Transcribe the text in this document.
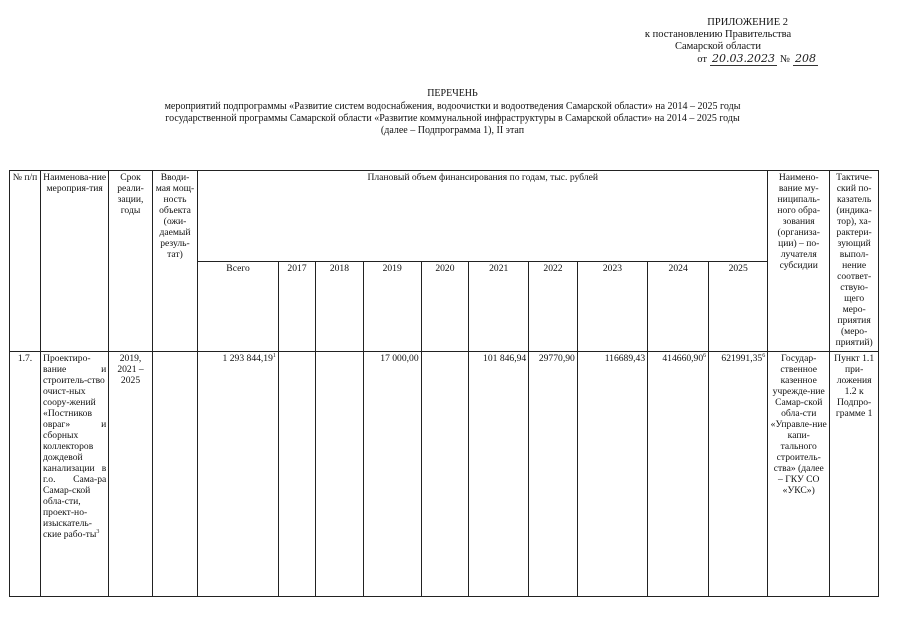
ПРИЛОЖЕНИЕ 2
к постановлению Правительства
Самарской области
от 20.03.2023 № 208
ПЕРЕЧЕНЬ
мероприятий подпрограммы «Развитие систем водоснабжения, водоочистки и водоотведения Самарской области» на 2014 – 2025 годы
государственной программы Самарской области «Развитие коммунальной инфраструктуры в Самарской области» на 2014 – 2025 годы
(далее – Подпрограмма 1), II этап
№ п/п	Наименова-ние мероприя-тия	Срок реали-зации, годы	Вводи-мая мощ-ность объекта (ожи-даемый резуль-тат)	Плановый объем финансирования по годам, тыс. рублей										Наимено-вание му-ниципаль-ного обра-зования (организа-ции) – по-лучателя субсидии	Тактиче-ский по-казатель (индика-тор), ха-рактери-зующий выпол-нение соответ-ствую-щего меро-приятия (меро-приятий)
				Всего	2017	2018	2019	2020	2021	2022	2023	2024	2025		
1.7.	Проектиро-вание и строитель-ство очист-ных соору-жений «Постников овраг» и сборных коллекторов дождевой канализации в г.о. Сама-ра Самар-ской обла-сти, проект-но-изыскатель-ские рабо-$ты^3$	2019, 2021 – 2025		1 293 844,19$^1$			17 000,00		101 846,94	29770,90	116689,43	414660,90$^6$	621991,35$^6$	Государ-ственное казенное учрежде-ние Самар-ской обла-сти «Управле-ние капи-тального строитель-ства» (далее – ГКУ СО «УКС»)	Пункт 1.1 при-ложения 1.2 к Подпро-грамме 1
